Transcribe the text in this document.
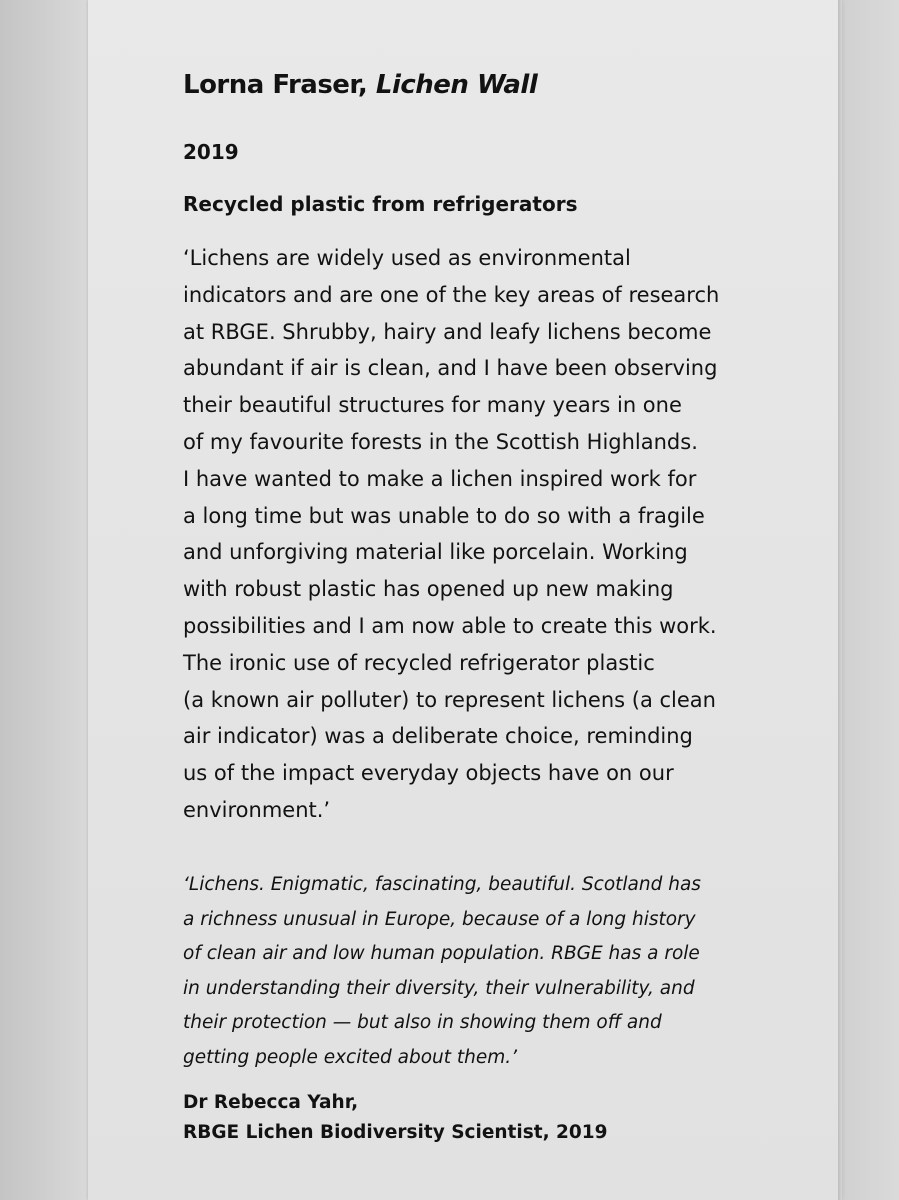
Lorna Fraser, Lichen Wall
2019
Recycled plastic from refrigerators
‘Lichens are widely used as environmental
indicators and are one of the key areas of research
at RBGE. Shrubby, hairy and leafy lichens become
abundant if air is clean, and I have been observing
their beautiful structures for many years in one
of my favourite forests in the Scottish Highlands.
I have wanted to make a lichen inspired work for
a long time but was unable to do so with a fragile
and unforgiving material like porcelain. Working
with robust plastic has opened up new making
possibilities and I am now able to create this work.
The ironic use of recycled refrigerator plastic
(a known air polluter) to represent lichens (a clean
air indicator) was a deliberate choice, reminding
us of the impact everyday objects have on our
environment.’
‘Lichens. Enigmatic, fascinating, beautiful. Scotland has
a richness unusual in Europe, because of a long history
of clean air and low human population. RBGE has a role
in understanding their diversity, their vulnerability, and
their protection — but also in showing them off and
getting people excited about them.’
Dr Rebecca Yahr,
RBGE Lichen Biodiversity Scientist, 2019
